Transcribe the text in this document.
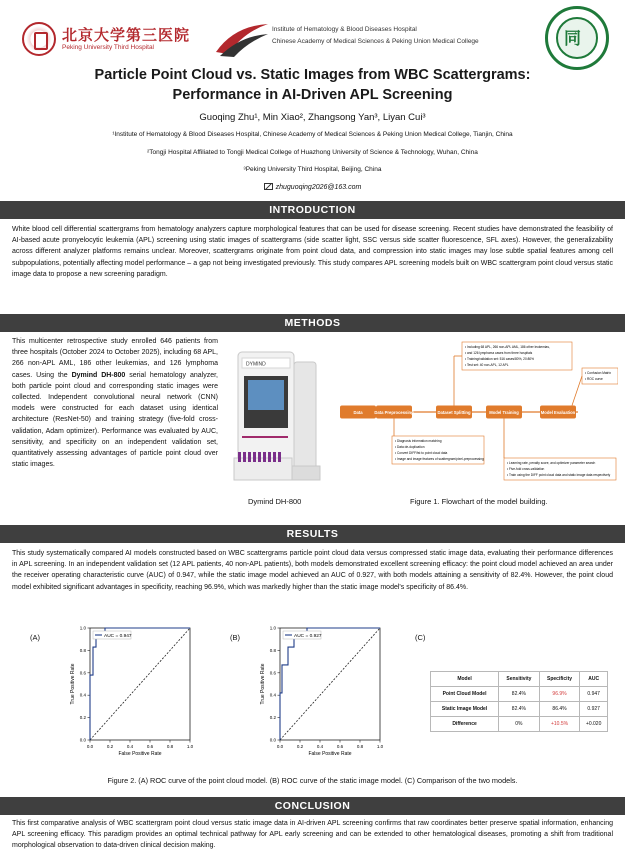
北京大学第三医院
Peking University Third Hospital
Institute of Hematology & Blood Diseases Hospital
Chinese Academy of Medical Sciences & Peking Union Medical College	同
Particle Point Cloud vs. Static Images from WBC Scattergrams:
Performance in AI-Driven APL Screening
Guoqing Zhu¹, Min Xiao², Zhangsong Yan³, Liyan Cui³
¹Institute of Hematology & Blood Diseases Hospital, Chinese Academy of Medical Sciences & Peking Union Medical College, Tianjin, China
²Tongji Hospital Affiliated to Tongji Medical College of Huazhong University of Science & Technology, Wuhan, China
³Peking University Third Hospital, Beijing, China
zhuguoqing2026@163.com
INTRODUCTION
White blood cell differential scattergrams from hematology analyzers capture morphological features that can be used for disease screening. Recent studies have demonstrated the feasibility of AI-based acute pronyelocytic leukemia (APL) screening using static images of scattergrams (side scatter light, SSC versus side scatter fluorescence, SFL axes). However, the generalizability across different analyzer platforms remains unclear. Moreover, scattergrams originate from point cloud data, and compression into static images may lose subtle spatial features among cell subpopulations, potentially affecting model performance – a gap not being investigated previously. This study compares APL screening models built on WBC scattergram point cloud versus static image data to propose a new screening paradigm.
METHODS
This multicenter retrospective study enrolled 646 patients from three hospitals (October 2024 to October 2025), including 68 APL, 266 non-APL AML, 186 other leukemias, and 126 lymphoma cases. Using the Dymind DH-800 serial hematology analyzer, both particle point cloud and corresponding static images were collected. Independent convolutional neural network (CNN) models were constructed for each dataset using identical architecture (ResNet-50) and training strategy (five-fold cross-validation, Adam optimizer). Performance was evaluated by AUC, sensitivity, and specificity on an independent validation set, quantitatively assessing advantages of particle point cloud over static images.
DYMIND
Dymind DH-800
Data	Data Preprocessing	Dataset Splitting	Model Training	Model Evaluation
• Including 68 APL, 266 non-APL AML, 186 other leukemias,
• and 126 lymphoma cases from three hospitals
• Training/validation set: 516 cases/80%, 20:80%
• Test set: 40 non-APL, 12 APL
• Diagnosis information matching
• Data de-duplication
• Convert DIFF/fst to point cloud data
• Image and image features of scattergram/pixel-preprocessing
• Confusion Matrix
• ROC curve
• Learning rate, penalty score, and optimizer parameter search
• Five-fold cross-validation
• Train using the DIFF point cloud data and static image data respectively
Figure 1. Flowchart of the model building.
RESULTS
This study systematically compared AI models constructed based on WBC scattergrams particle point cloud data versus compressed static image data, evaluating their performance differences in APL screening. In an independent validation set (12 APL patients, 40 non-APL patients), both models demonstrated excellent screening efficacy: the point cloud model achieved an area under the receiver operating characteristic curve (AUC) of 0.947, while the static image model achieved an AUC of 0.927, with both models attaining a sensitivity of 82.4%. However, the point cloud model exhibited significant advantages in specificity, reaching 96.9%, which was markedly higher than the static image model's specificity of 86.4%.
(A)	(B)	(C)
0.0	0.2	0.4	0.6	0.8	1.0
0.0
0.2
0.4
0.6
0.8
1.0
False Positive Rate
True Positive Rate
AUC = 0.947
0.0	0.2	0.4	0.6	0.8	1.0
0.0
0.2
0.4
0.6
0.8
1.0
False Positive Rate
True Positive Rate
AUC = 0.927
Model	Sensitivity	Specificity	AUC
Point Cloud Model	82.4%	96.9%	0.947
Static Image Model	82.4%	86.4%	0.927
Difference	0%	+10.5%	+0.020
Figure 2. (A) ROC curve of the point cloud model. (B) ROC curve of the static image model. (C) Comparison of the two models.
CONCLUSION
This first comparative analysis of WBC scattergram point cloud versus static image data in AI-driven APL screening confirms that raw coordinates better preserve spatial information, enhancing APL screening efficacy. This paradigm provides an optimal technical pathway for APL early screening and can be extended to other hematological diseases, promoting a shift from traditional morphological observation to data-driven clinical decision making.
